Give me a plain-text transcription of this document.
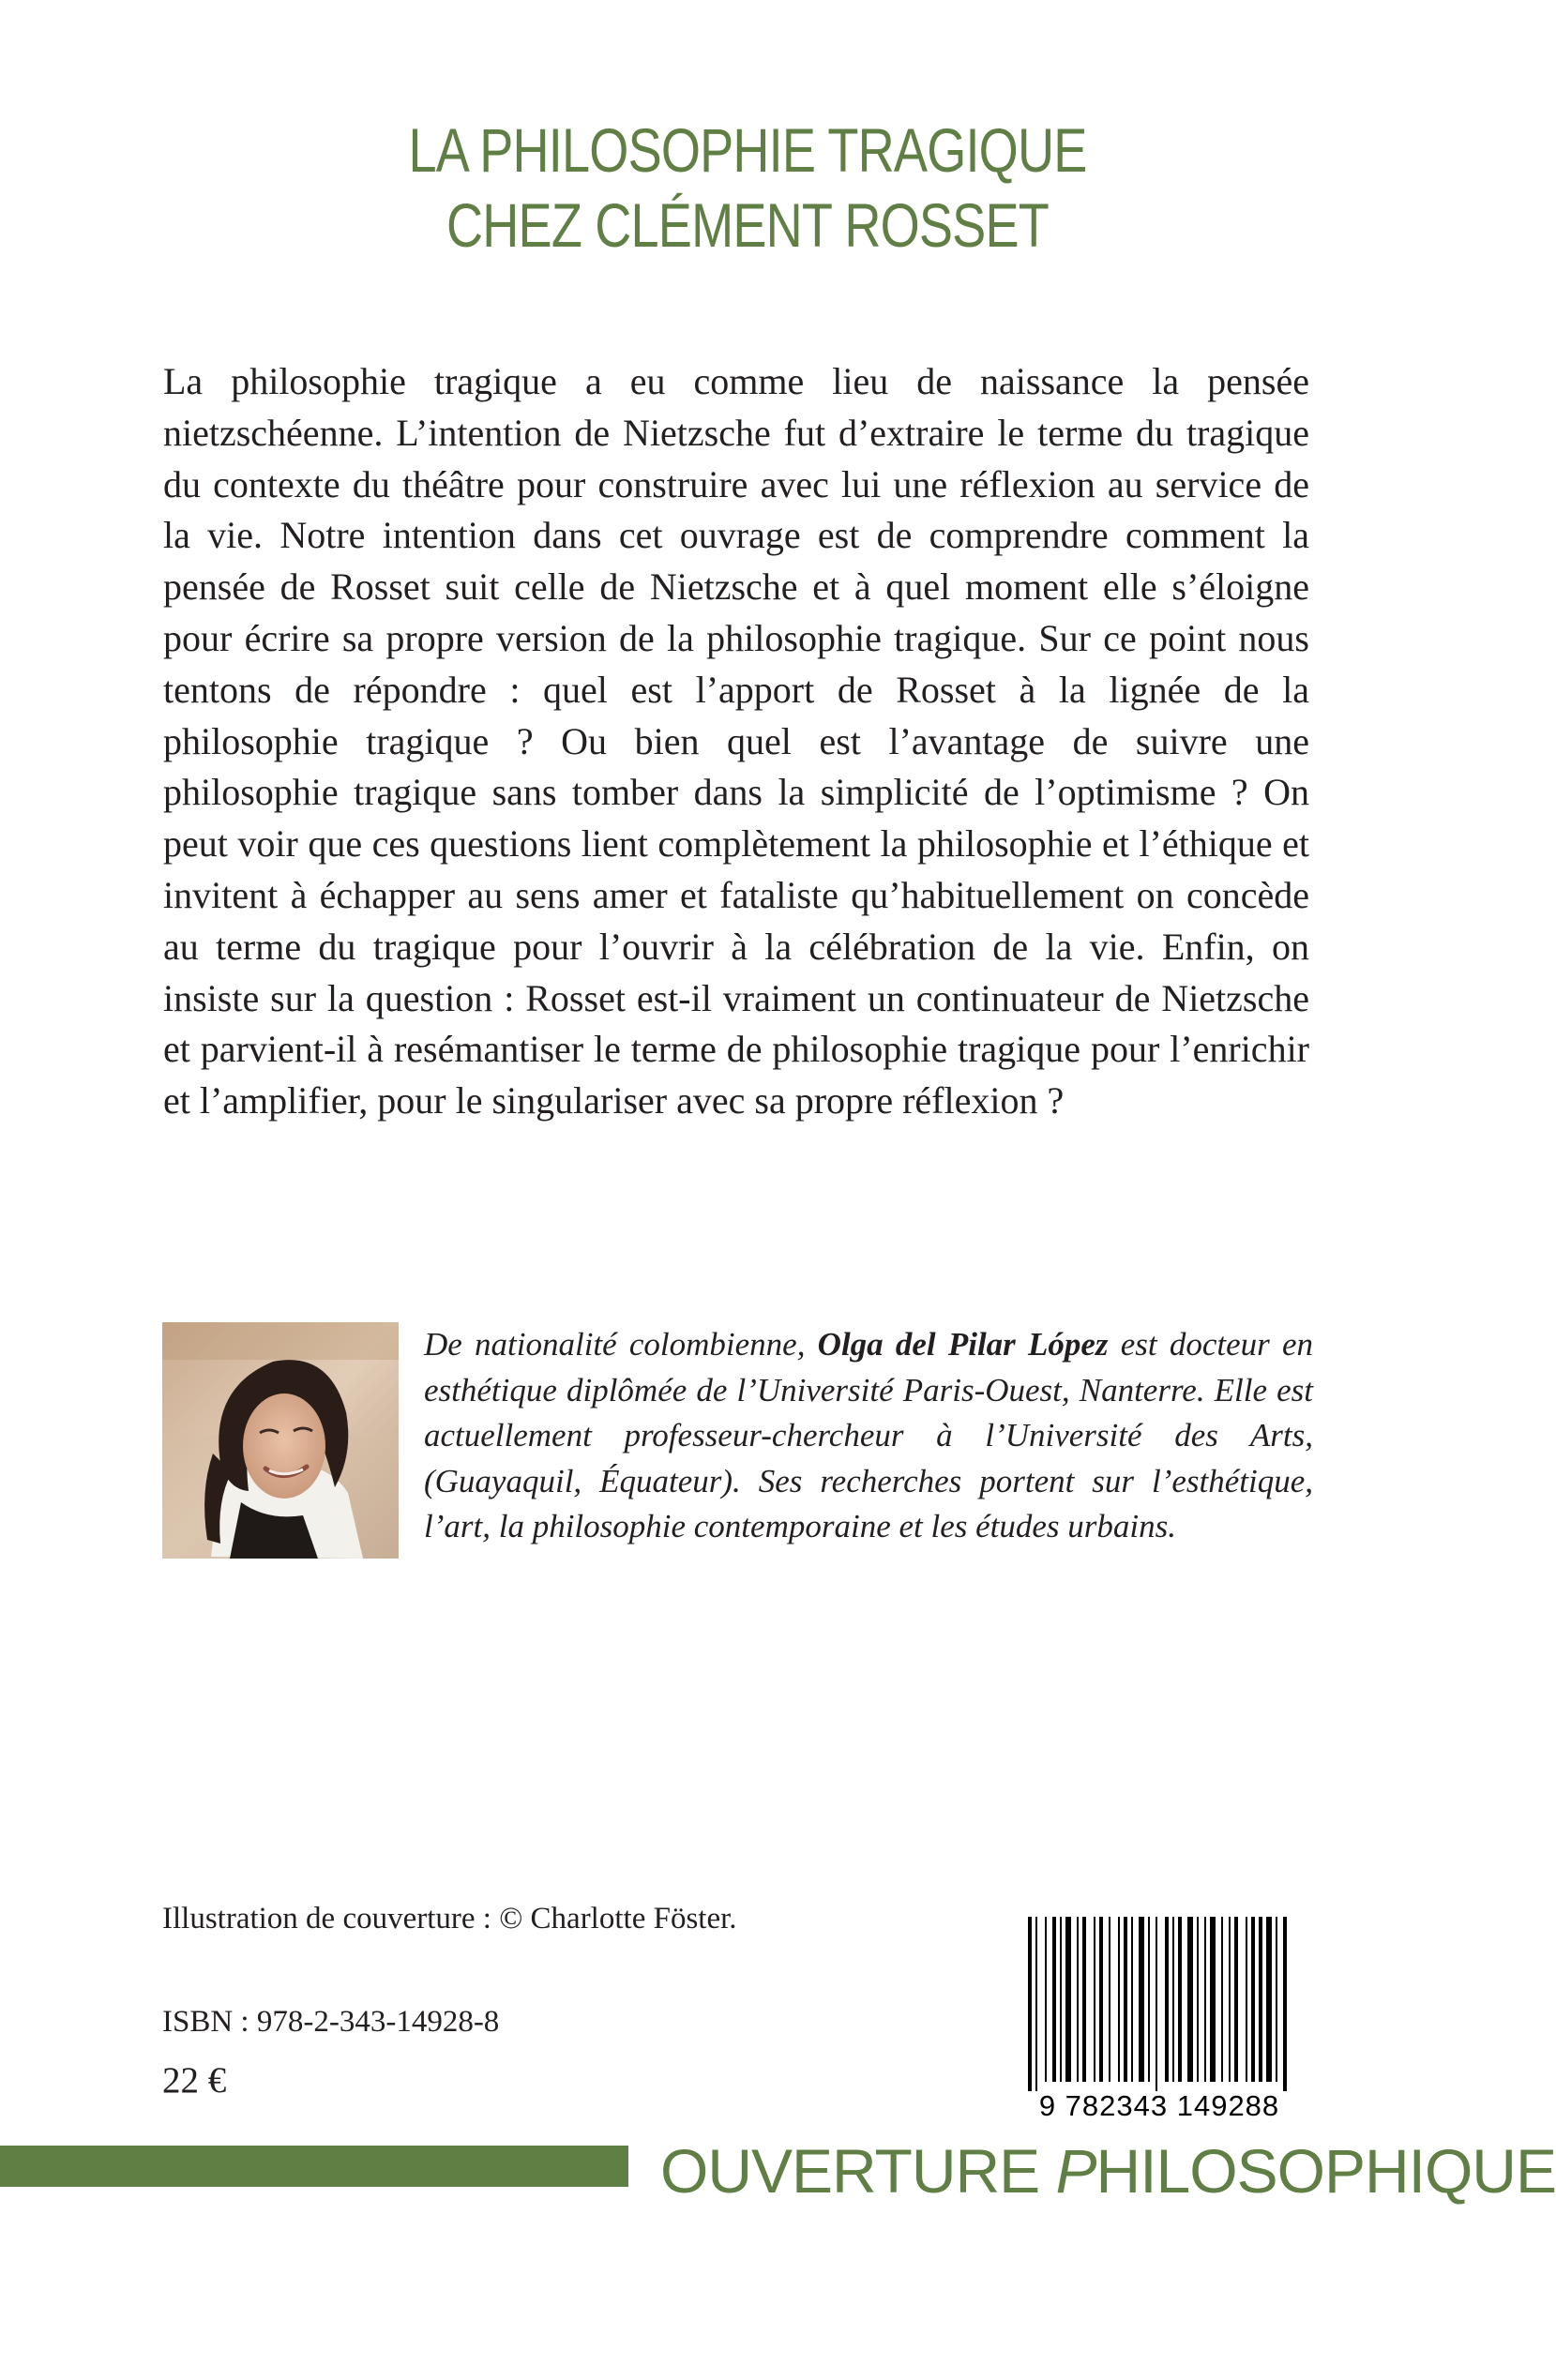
LA PHILOSOPHIE TRAGIQUE
CHEZ CLÉMENT ROSSET
La philosophie tragique a eu comme lieu de naissance la pensée nietzschéenne. L’intention de Nietzsche fut d’extraire le terme du tragique du contexte du théâtre pour construire avec lui une réflexion au service de la vie. Notre intention dans cet ouvrage est de comprendre comment la pensée de Rosset suit celle de Nietzsche et à quel moment elle s’éloigne pour écrire sa propre version de la philosophie tragique. Sur ce point nous tentons de répondre : quel est l’apport de Rosset à la lignée de la philosophie tragique ? Ou bien quel est l’avantage de suivre une philosophie tragique sans tomber dans la simplicité de l’optimisme ? On peut voir que ces questions lient complètement la philosophie et l’éthique et invitent à échapper au sens amer et fataliste qu’habituellement on concède au terme du tragique pour l’ouvrir à la célébration de la vie. Enfin, on insiste sur la question : Rosset est-il vraiment un continuateur de Nietzsche et parvient-il à resémantiser le terme de philosophie tragique pour l’enrichir et l’amplifier, pour le singulariser avec sa propre réflexion ?
De nationalité colombienne, Olga del Pilar López est docteur en esthétique diplômée de l’Université Paris-Ouest, Nanterre. Elle est actuellement professeur-chercheur à l’Université des Arts, (Guayaquil, Équateur). Ses recherches portent sur l’esthétique, l’art, la philosophie contemporaine et les études urbains.
Illustration de couverture : © Charlotte Föster.
ISBN : 978-2-343-14928-8
22 €
9 782343 149288
OUVERTURE PHILOSOPHIQUE
